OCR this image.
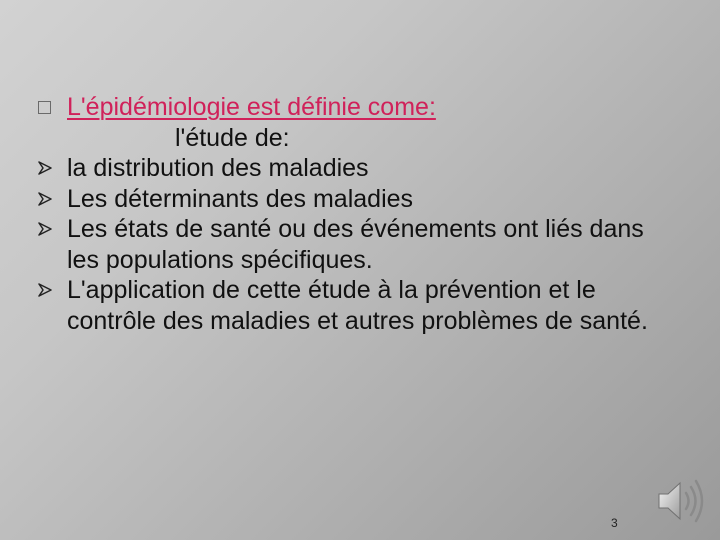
L'épidémiologie est définie come:
l'étude de:
la distribution des maladies
Les déterminants des maladies
Les états de santé ou des événements ont liés dans les populations spécifiques.
L'application de cette étude à la prévention et le contrôle des maladies et autres problèmes de santé.
3
